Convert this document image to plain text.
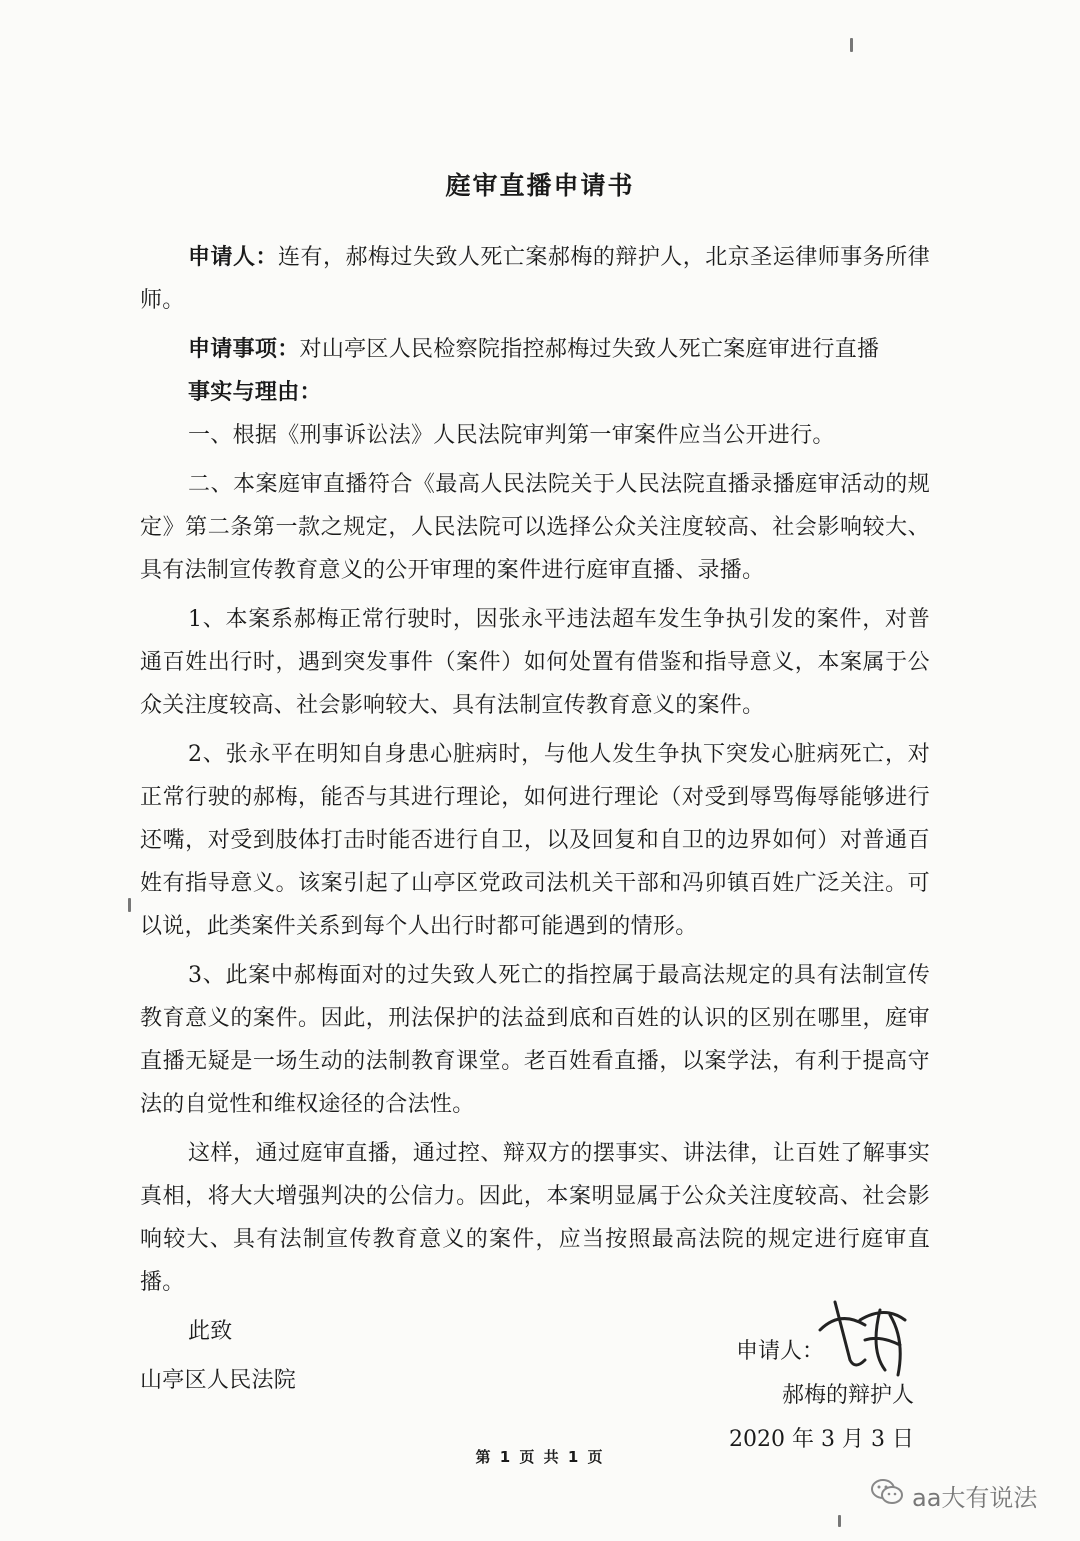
庭审直播申请书

申请人：连有，郝梅过失致人死亡案郝梅的辩护人，北京圣运律师事务所律师。

申请事项：对山亭区人民检察院指控郝梅过失致人死亡案庭审进行直播

事实与理由：

一、根据《刑事诉讼法》人民法院审判第一审案件应当公开进行。

二、本案庭审直播符合《最高人民法院关于人民法院直播录播庭审活动的规定》第二条第一款之规定，人民法院可以选择公众关注度较高、社会影响较大、具有法制宣传教育意义的公开审理的案件进行庭审直播、录播。

1、本案系郝梅正常行驶时，因张永平违法超车发生争执引发的案件，对普通百姓出行时，遇到突发事件（案件）如何处置有借鉴和指导意义，本案属于公众关注度较高、社会影响较大、具有法制宣传教育意义的案件。

2、张永平在明知自身患心脏病时，与他人发生争执下突发心脏病死亡，对正常行驶的郝梅，能否与其进行理论，如何进行理论（对受到辱骂侮辱能够进行还嘴，对受到肢体打击时能否进行自卫，以及回复和自卫的边界如何）对普通百姓有指导意义。该案引起了山亭区党政司法机关干部和冯卯镇百姓广泛关注。可以说，此类案件关系到每个人出行时都可能遇到的情形。

3、此案中郝梅面对的过失致人死亡的指控属于最高法规定的具有法制宣传教育意义的案件。因此，刑法保护的法益到底和百姓的认识的区别在哪里，庭审直播无疑是一场生动的法制教育课堂。老百姓看直播，以案学法，有利于提高守法的自觉性和维权途径的合法性。

这样，通过庭审直播，通过控、辩双方的摆事实、讲法律，让百姓了解事实真相，将大大增强判决的公信力。因此，本案明显属于公众关注度较高、社会影响较大、具有法制宣传教育意义的案件，应当按照最高法院的规定进行庭审直播。

此致

山亭区人民法院

申请人：
郝梅的辩护人
2020 年 3 月 3 日
第 1 页 共 1 页
aa大有说法
